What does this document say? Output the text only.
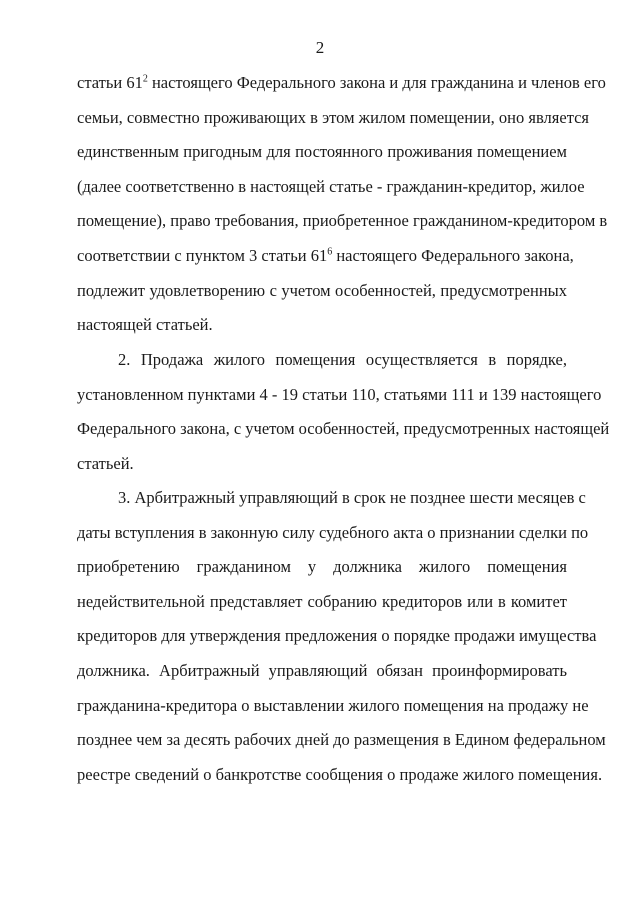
2
статьи $61^2$ настоящего Федерального закона и для гражданина и членов его
семьи, совместно проживающих в этом жилом помещении, оно является
единственным пригодным для постоянного проживания помещением
(далее соответственно в настоящей статье - гражданин-кредитор, жилое
помещение), право требования, приобретенное гражданином-кредитором в
соответствии с пунктом 3 статьи $61^6$ настоящего Федерального закона,
подлежит удовлетворению с учетом особенностей, предусмотренных
настоящей статьей.
2. Продажа жилого помещения осуществляется в порядке,
установленном пунктами 4 - 19 статьи 110, статьями 111 и 139 настоящего
Федерального закона, с учетом особенностей, предусмотренных настоящей
статьей.
3. Арбитражный управляющий в срок не позднее шести месяцев с
даты вступления в законную силу судебного акта о признании сделки по
приобретению гражданином у должника жилого помещения
недействительной представляет собранию кредиторов или в комитет
кредиторов для утверждения предложения о порядке продажи имущества
должника. Арбитражный управляющий обязан проинформировать
гражданина-кредитора о выставлении жилого помещения на продажу не
позднее чем за десять рабочих дней до размещения в Едином федеральном
реестре сведений о банкротстве сообщения о продаже жилого помещения.
